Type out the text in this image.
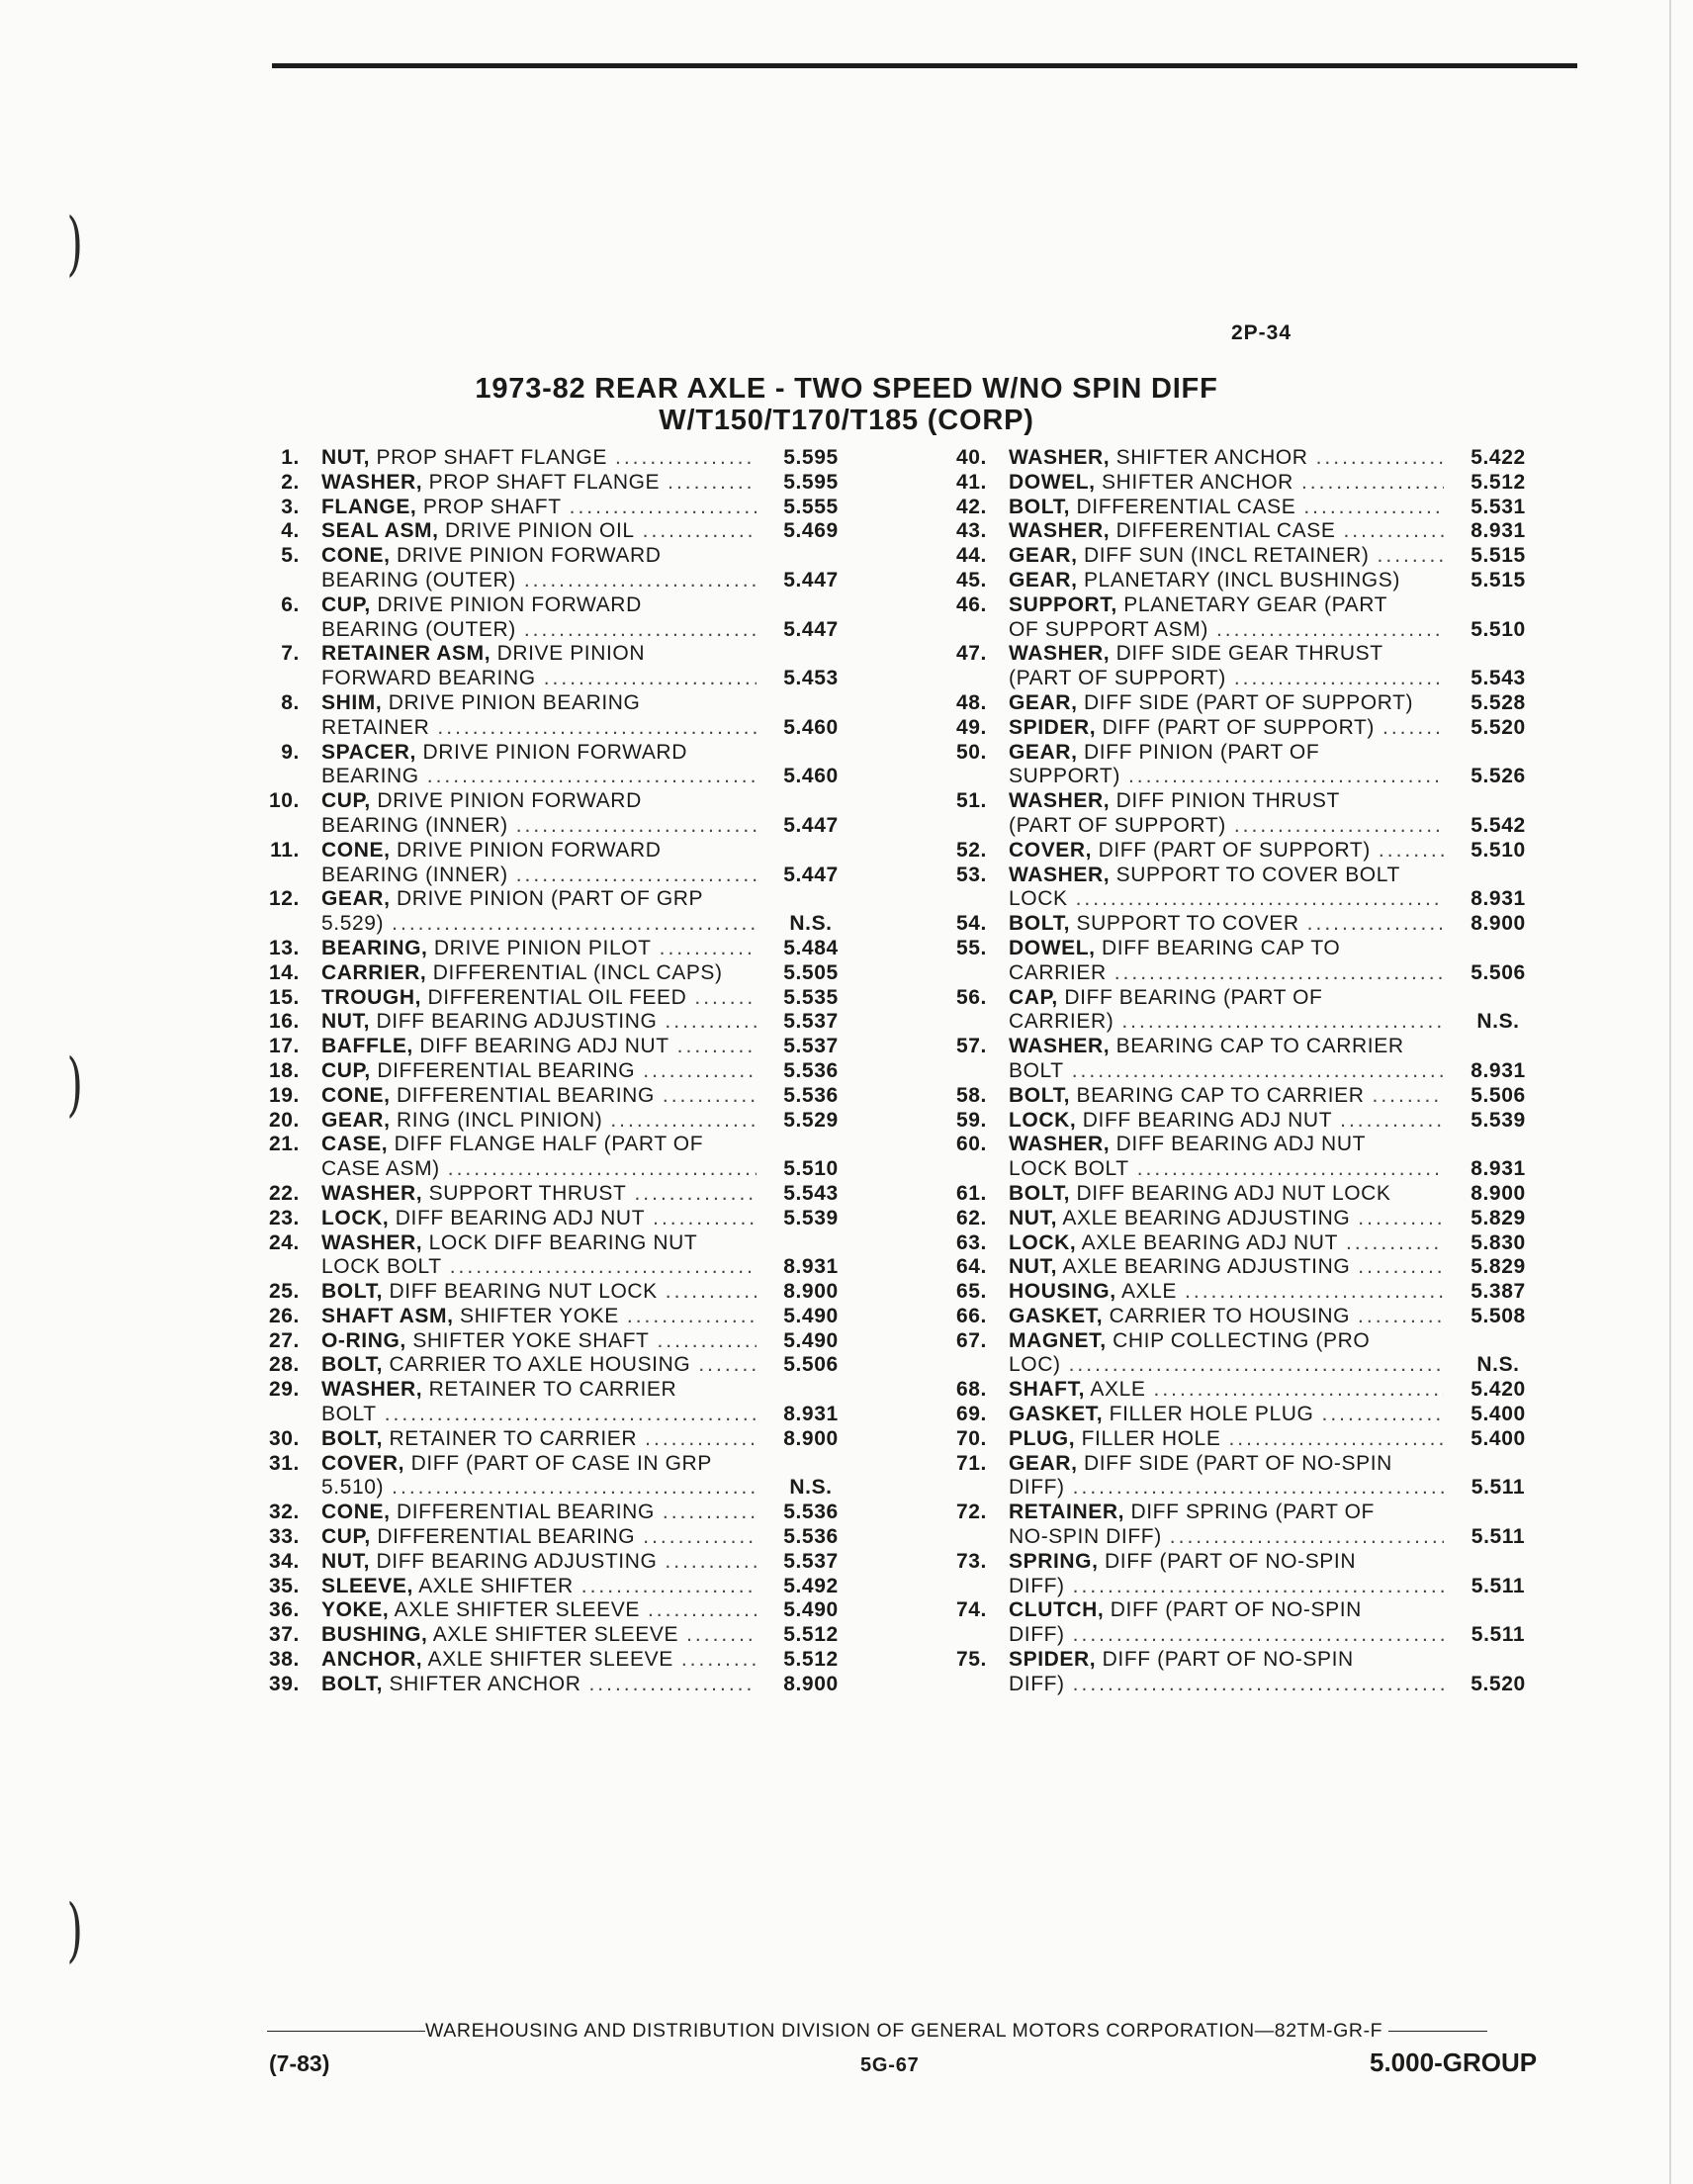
)
)
)
2P-34
1973-82 REAR AXLE - TWO SPEED W/NO SPIN DIFF
W/T150/T170/T185 (CORP)
1. NUT, PROP SHAFT FLANGE .....	5.595
2. WASHER, PROP SHAFT FLANGE .....	5.595
3. FLANGE, PROP SHAFT .....	5.555
4. SEAL ASM, DRIVE PINION OIL .....	5.469
5. CONE, DRIVE PINION FORWARD
BEARING (OUTER) .....	5.447
6. CUP, DRIVE PINION FORWARD
BEARING (OUTER) .....	5.447
7. RETAINER ASM, DRIVE PINION
FORWARD BEARING .....	5.453
8. SHIM, DRIVE PINION BEARING
RETAINER .....	5.460
9. SPACER, DRIVE PINION FORWARD
BEARING .....	5.460
10. CUP, DRIVE PINION FORWARD
BEARING (INNER) .....	5.447
11. CONE, DRIVE PINION FORWARD
BEARING (INNER) .....	5.447
12. GEAR, DRIVE PINION (PART OF GRP
5.529) .....	N.S.
13. BEARING, DRIVE PINION PILOT .....	5.484
14. CARRIER, DIFFERENTIAL (INCL CAPS)	5.505
15. TROUGH, DIFFERENTIAL OIL FEED .....	5.535
16. NUT, DIFF BEARING ADJUSTING .....	5.537
17. BAFFLE, DIFF BEARING ADJ NUT .....	5.537
18. CUP, DIFFERENTIAL BEARING .....	5.536
19. CONE, DIFFERENTIAL BEARING .....	5.536
20. GEAR, RING (INCL PINION) .....	5.529
21. CASE, DIFF FLANGE HALF (PART OF
CASE ASM) .....	5.510
22. WASHER, SUPPORT THRUST .....	5.543
23. LOCK, DIFF BEARING ADJ NUT .....	5.539
24. WASHER, LOCK DIFF BEARING NUT
LOCK BOLT .....	8.931
25. BOLT, DIFF BEARING NUT LOCK .....	8.900
26. SHAFT ASM, SHIFTER YOKE .....	5.490
27. O-RING, SHIFTER YOKE SHAFT .....	5.490
28. BOLT, CARRIER TO AXLE HOUSING .....	5.506
29. WASHER, RETAINER TO CARRIER
BOLT .....	8.931
30. BOLT, RETAINER TO CARRIER .....	8.900
31. COVER, DIFF (PART OF CASE IN GRP
5.510) .....	N.S.
32. CONE, DIFFERENTIAL BEARING .....	5.536
33. CUP, DIFFERENTIAL BEARING .....	5.536
34. NUT, DIFF BEARING ADJUSTING .....	5.537
35. SLEEVE, AXLE SHIFTER .....	5.492
36. YOKE, AXLE SHIFTER SLEEVE .....	5.490
37. BUSHING, AXLE SHIFTER SLEEVE .....	5.512
38. ANCHOR, AXLE SHIFTER SLEEVE .....	5.512
39. BOLT, SHIFTER ANCHOR .....	8.900
40. WASHER, SHIFTER ANCHOR .....	5.422
41. DOWEL, SHIFTER ANCHOR .....	5.512
42. BOLT, DIFFERENTIAL CASE .....	5.531
43. WASHER, DIFFERENTIAL CASE .....	8.931
44. GEAR, DIFF SUN (INCL RETAINER) .....	5.515
45. GEAR, PLANETARY (INCL BUSHINGS)	5.515
46. SUPPORT, PLANETARY GEAR (PART
OF SUPPORT ASM) .....	5.510
47. WASHER, DIFF SIDE GEAR THRUST
(PART OF SUPPORT) .....	5.543
48. GEAR, DIFF SIDE (PART OF SUPPORT)	5.528
49. SPIDER, DIFF (PART OF SUPPORT) .....	5.520
50. GEAR, DIFF PINION (PART OF
SUPPORT) .....	5.526
51. WASHER, DIFF PINION THRUST
(PART OF SUPPORT) .....	5.542
52. COVER, DIFF (PART OF SUPPORT) .....	5.510
53. WASHER, SUPPORT TO COVER BOLT
LOCK .....	8.931
54. BOLT, SUPPORT TO COVER .....	8.900
55. DOWEL, DIFF BEARING CAP TO
CARRIER .....	5.506
56. CAP, DIFF BEARING (PART OF
CARRIER) .....	N.S.
57. WASHER, BEARING CAP TO CARRIER
BOLT .....	8.931
58. BOLT, BEARING CAP TO CARRIER .....	5.506
59. LOCK, DIFF BEARING ADJ NUT .....	5.539
60. WASHER, DIFF BEARING ADJ NUT
LOCK BOLT .....	8.931
61. BOLT, DIFF BEARING ADJ NUT LOCK	8.900
62. NUT, AXLE BEARING ADJUSTING .....	5.829
63. LOCK, AXLE BEARING ADJ NUT .....	5.830
64. NUT, AXLE BEARING ADJUSTING .....	5.829
65. HOUSING, AXLE .....	5.387
66. GASKET, CARRIER TO HOUSING .....	5.508
67. MAGNET, CHIP COLLECTING (PRO
LOC) .....	N.S.
68. SHAFT, AXLE .....	5.420
69. GASKET, FILLER HOLE PLUG .....	5.400
70. PLUG, FILLER HOLE .....	5.400
71. GEAR, DIFF SIDE (PART OF NO-SPIN
DIFF) .....	5.511
72. RETAINER, DIFF SPRING (PART OF
NO-SPIN DIFF) .....	5.511
73. SPRING, DIFF (PART OF NO-SPIN
DIFF) .....	5.511
74. CLUTCH, DIFF (PART OF NO-SPIN
DIFF) .....	5.511
75. SPIDER, DIFF (PART OF NO-SPIN
DIFF) .....	5.520
WAREHOUSING AND DISTRIBUTION DIVISION OF GENERAL MOTORS CORPORATION—82TM-GR-F
(7-83)	5G-67	5.000-GROUP
